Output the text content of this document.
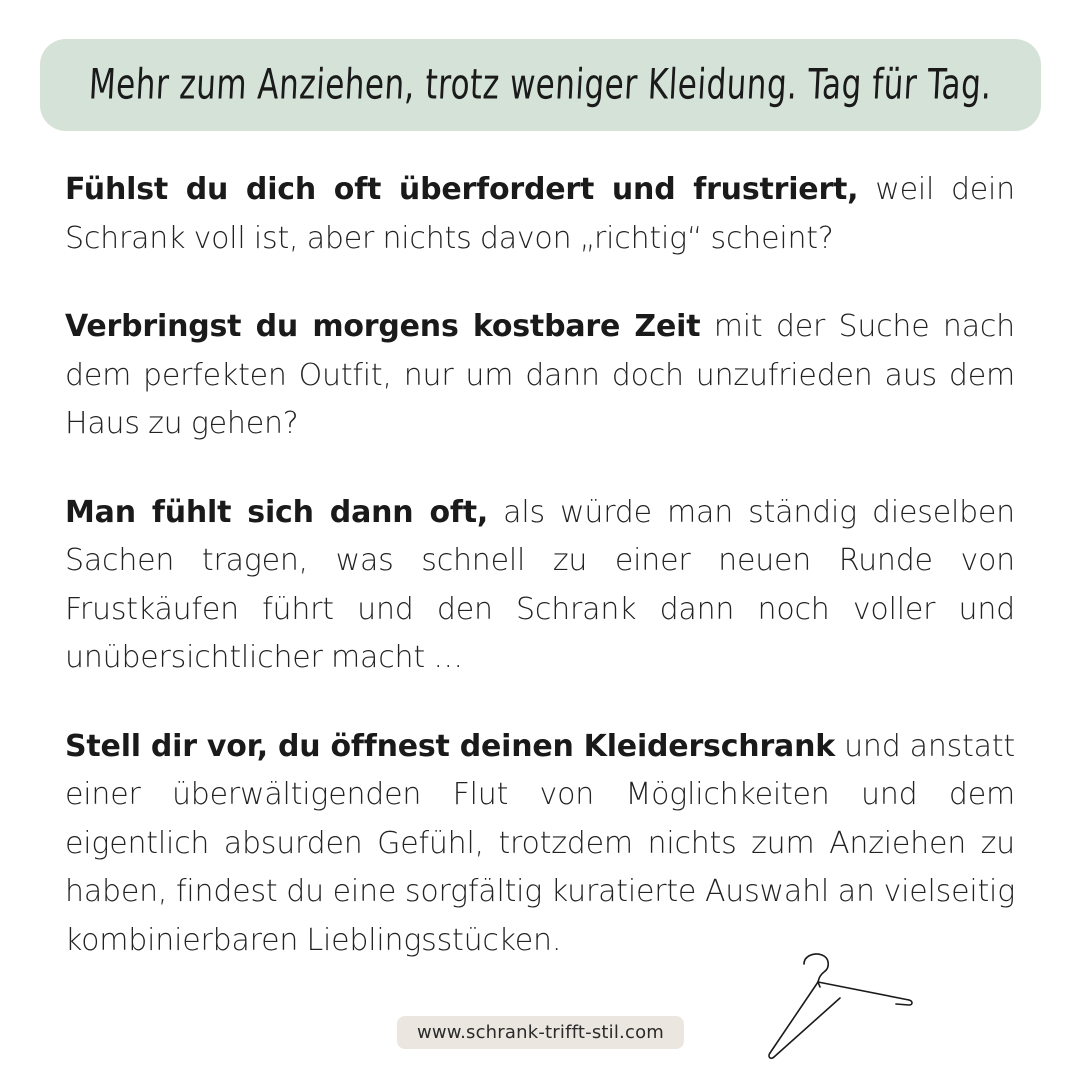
Mehr zum Anziehen, trotz weniger Kleidung. Tag für Tag.

Fühlst du dich oft überfordert und frustriert, weil dein Schrank voll ist, aber nichts davon „richtig“ scheint?

Verbringst du morgens kostbare Zeit mit der Suche nach dem perfekten Outfit, nur um dann doch unzufrieden aus dem Haus zu gehen?

Man fühlt sich dann oft, als würde man ständig dieselben Sachen tragen, was schnell zu einer neuen Runde von Frustkäufen führt und den Schrank dann noch voller und unübersichtlicher macht …

Stell dir vor, du öffnest deinen Kleiderschrank und anstatt einer überwältigenden Flut von Möglichkeiten und dem eigentlich absurden Gefühl, trotzdem nichts zum Anziehen zu haben, findest du eine sorgfältig kuratierte Auswahl an vielseitig kombinierbaren Lieblingsstücken.

www.schrank-trifft-stil.com
